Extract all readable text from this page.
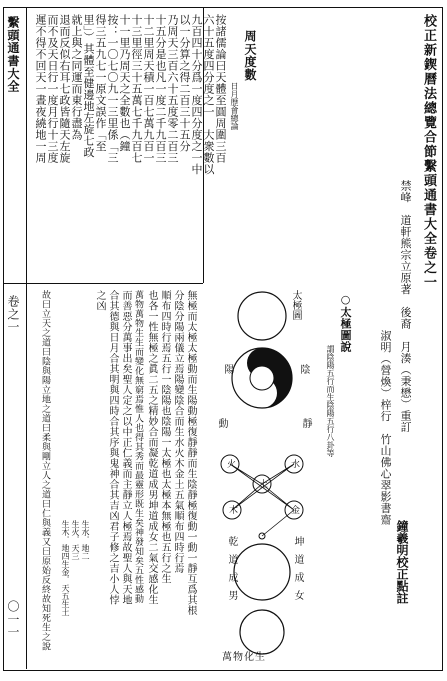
繫頭通書大全
卷之一
〇一一
校正新鍥曆法總覽合節繫頭通書大全卷之一
禁峰　道軒熊宗立原著　後裔　月湊（秉懋）重訂
淑明（營煥）梓行　竹山佛心翠影書齋
鐘羲明校正點註
周天度數
日月歷會總論
按諸儒論曰天體至圓周圍三百
六十五度四分度之一　大衆數以
九百四十分爲一度四分度之一中
以一分算之得二百三十五分
乃周天三百六十五度零二百三
十五分是也凡一度二千九百三
十二里周天積一百七萬九百一
十三里徑三十五萬七千九百七
十一里乃周天之全數也（鐘
按：一〇七〇九一三里係「三
得三五九七一原文誤作「至
里」）其體至健邊地左旋七政
就上與之同運而東行盡為
退而反似右耳七政皆隨天左旋
而不及天日行一度月行十三度
遲不得不回天一晝夜繞地一周
○太極圖說
謂陰陽五行而生陰陽五行八卦等
太極圖
陽	陰
動	靜
火	水
土
木	金
乾道成男	坤道成女
萬物化生
無極而太極太極動而生陽動極復靜靜而生陰靜極復動一動一靜互爲其根
分陰分陽兩儀立焉陽變陰合而生水火木金土五氣順布四時行焉
順布四時行焉五行一陰陽也陰陽一太極也太極本無極也五行之生
也各一性無極之眞二五之精妙合而凝乾道成男坤道成女二氣交感化生
萬物萬物生生而變化無窮焉惟人也得其秀而最靈形既生矣神發知矣五性感動
而善惡分萬事出矣聖人定之以中正仁義而主靜立人極焉故聖人與天地
合其德與日月合其明與四時合其序與鬼神合其吉凶君子修之吉小人悖
之凶
故曰立天之道曰陰與陽立地之道曰柔與剛立人之道曰仁與義又曰原始反終故知死生之說	生水．地二
生火．天三
生木．地四生金．天五生土
